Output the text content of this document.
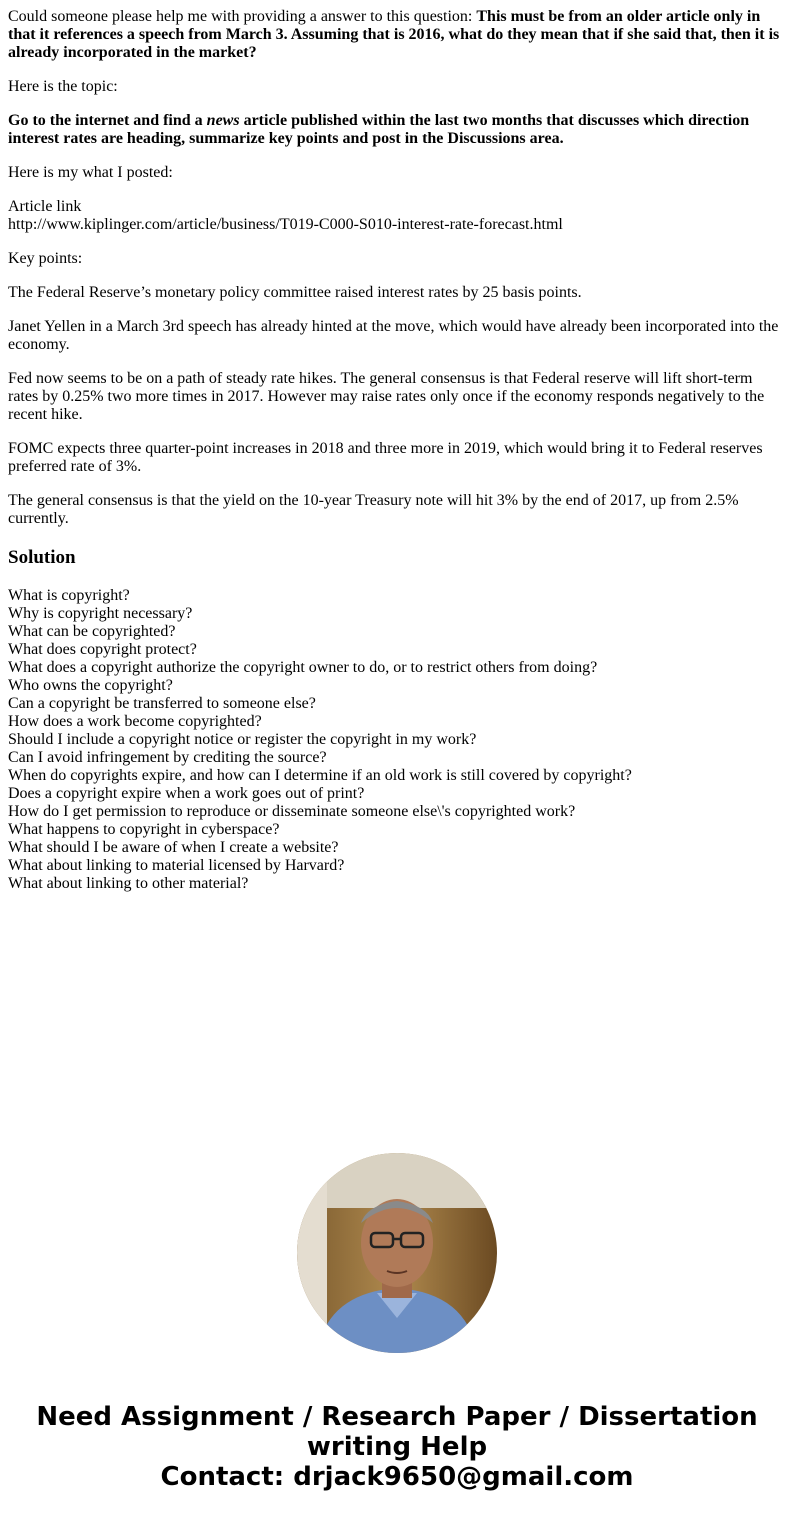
Could someone please help me with providing a answer to this question: This must be from an older article only in that it references a speech from March 3. Assuming that is 2016, what do they mean that if she said that, then it is already incorporated in the market?

Here is the topic:

Go to the internet and find a news article published within the last two months that discusses which direction interest rates are heading, summarize key points and post in the Discussions area.

Here is my what I posted:

Article link
http://www.kiplinger.com/article/business/T019-C000-S010-interest-rate-forecast.html

Key points:

The Federal Reserve’s monetary policy committee raised interest rates by 25 basis points.

Janet Yellen in a March 3rd speech has already hinted at the move, which would have already been incorporated into the economy.

Fed now seems to be on a path of steady rate hikes. The general consensus is that Federal reserve will lift short-term rates by 0.25% two more times in 2017. However may raise rates only once if the economy responds negatively to the recent hike.

FOMC expects three quarter-point increases in 2018 and three more in 2019, which would bring it to Federal reserves preferred rate of 3%.

The general consensus is that the yield on the 10-year Treasury note will hit 3% by the end of 2017, up from 2.5% currently.

Solution
What is copyright?
Why is copyright necessary?
What can be copyrighted?
What does copyright protect?
What does a copyright authorize the copyright owner to do, or to restrict others from doing?
Who owns the copyright?
Can a copyright be transferred to someone else?
How does a work become copyrighted?
Should I include a copyright notice or register the copyright in my work?
Can I avoid infringement by crediting the source?
When do copyrights expire, and how can I determine if an old work is still covered by copyright?
Does a copyright expire when a work goes out of print?
How do I get permission to reproduce or disseminate someone else\'s copyrighted work?
What happens to copyright in cyberspace?
What should I be aware of when I create a website?
What about linking to material licensed by Harvard?
What about linking to other material?
Need Assignment / Research Paper / Dissertation
writing Help
Contact: drjack9650@gmail.com
